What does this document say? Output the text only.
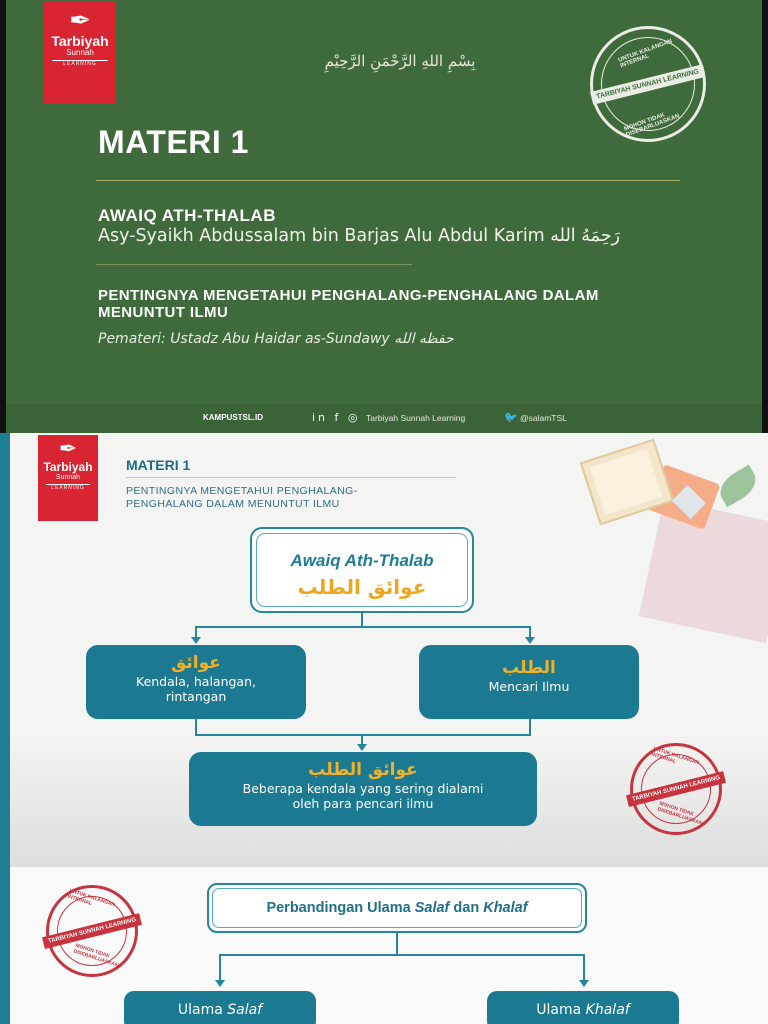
✒
Tarbiyah
Sunnah
LEARNING	بِسْمِ اللهِ الرَّحْمَنِ الرَّحِيْمِ	UNTUK KALANGAN INTERNAL
TARBIYAH SUNNAH LEARNING
MOHON TIDAK DISEBARLUASKAN
MATERI 1
AWAIQ ATH-THALAB
Asy-Syaikh Abdussalam bin Barjas Alu Abdul Karim رَحِمَهُ الله
PENTINGNYA MENGETAHUI PENGHALANG-PENGHALANG DALAM MENUNTUT ILMU
Pemateri: Ustadz Abu Haidar as-Sundawy حفظه الله
KAMPUSTSL.ID	in f ◎ Tarbiyah Sunnah Learning	🐦 @salamTSL
✒
Tarbiyah
Sunnah
LEARNING
MATERI 1
PENTINGNYA MENGETAHUI PENGHALANG-PENGHALANG DALAM MENUNTUT ILMU
Awaiq Ath-Thalab
عوائق الطلب
عوائق
Kendala, halangan, rintangan
الطلب
Mencari Ilmu
عوائق الطلب
Beberapa kendala yang sering dialami oleh para pencari ilmu
UNTUK KALANGAN INTERNAL
TARBIYAH SUNNAH LEARNING
MOHON TIDAK DISEBARLUASKAN
UNTUK KALANGAN INTERNAL
TARBIYAH SUNNAH LEARNING
MOHON TIDAK DISEBARLUASKAN
Perbandingan Ulama Salaf dan Khalaf
Ulama Salaf	Ulama Khalaf
